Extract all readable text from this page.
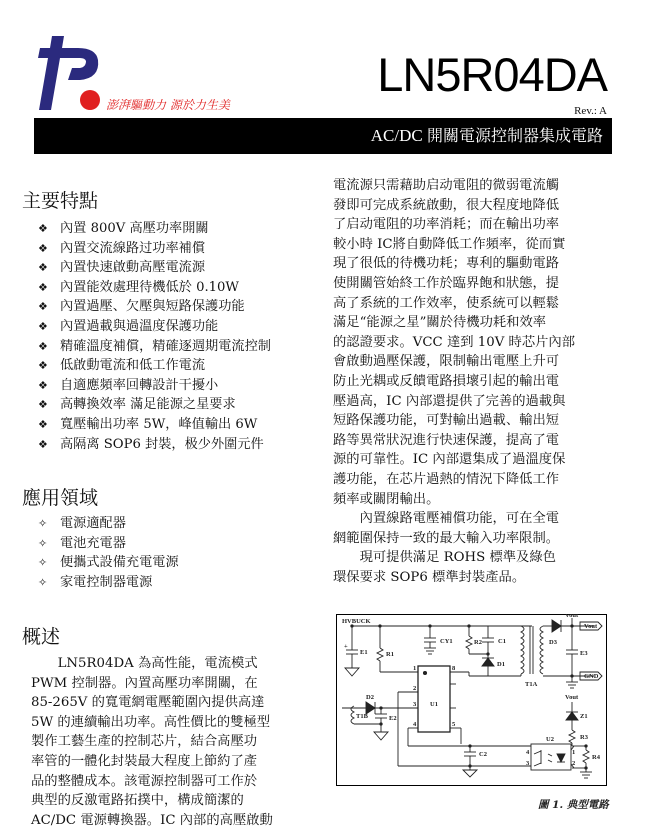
澎湃驅動力 源於力生美
LN5R04DA
Rev.: A
AC/DC 開關電源控制器集成電路
主要特點
❖ 內置 800V 高壓功率開關
❖ 內置交流線路过功率補償
❖ 內置快速啟動高壓電流源
❖ 內置能效處理待機低於 0.10W
❖ 內置過壓、欠壓與短路保護功能
❖ 內置過載與過溫度保護功能
❖ 精確溫度補償，精確逐週期電流控制
❖ 低啟動電流和低工作電流
❖ 自適應頻率回轉設計干擾小
❖ 高轉換效率 滿足能源之星要求
❖ 寬壓輸出功率 5W，峰值輸出 6W
❖ 高隔离 SOP6 封裝，极少外圍元件
應用領域
✧ 電源適配器
✧ 電池充電器
✧ 便攜式設備充電電源
✧ 家電控制器電源
概述
　　LN5R04DA 為高性能，電流模式
PWM 控制器。內置高壓功率開關，在
85-265V 的寬電網電壓範圍內提供高達
5W 的連續輸出功率。高性價比的雙極型
製作工藝生產的控制芯片，結合高壓功
率管的一體化封裝最大程度上節約了產
品的整體成本。該電源控制器可工作於
典型的反激電路拓撲中，構成簡潔的
AC/DC 電源轉換器。IC 內部的高壓啟動
電流源只需藉助启动電阻的微弱電流觸
發即可完成系統啟動，很大程度地降低
了启动電阻的功率消耗；而在輸出功率
較小時 IC將自動降低工作頻率，從而實
現了很低的待機功耗；專利的驅動電路
使開關管始終工作於臨界飽和狀態，提
高了系統的工作效率，使系統可以輕鬆
滿足“能源之星”關於待機功耗和效率
的認證要求。VCC 達到 10V 時芯片內部
會啟動過壓保護，限制輸出電壓上升可
防止光耦或反饋電路損壞引起的輸出電
壓過高，IC 內部還提供了完善的過載與
短路保護功能，可對輸出過載、輸出短
路等異常狀況進行快速保護，提高了電
源的可靠性。IC 內部還集成了過溫度保
護功能，在芯片過熱的情況下降低工作
頻率或關閉輸出。
　　內置線路電壓補償功能，可在全電
網範圍保持一致的最大輸入功率限制。
　　現可提供滿足 ROHS 標準及綠色
環保要求 SOP6 標準封裝產品。
HVBUCK
+
E1	R1
CY1	R2 C1
D1
T1A
D3
E3
Vout
Vout
GND
U1
1
2
3
4	5
8
D2
T1B	E2
C2
Vout
Z1
R3
R4
U2
1
2
3
4
圖 1. 典型電路
